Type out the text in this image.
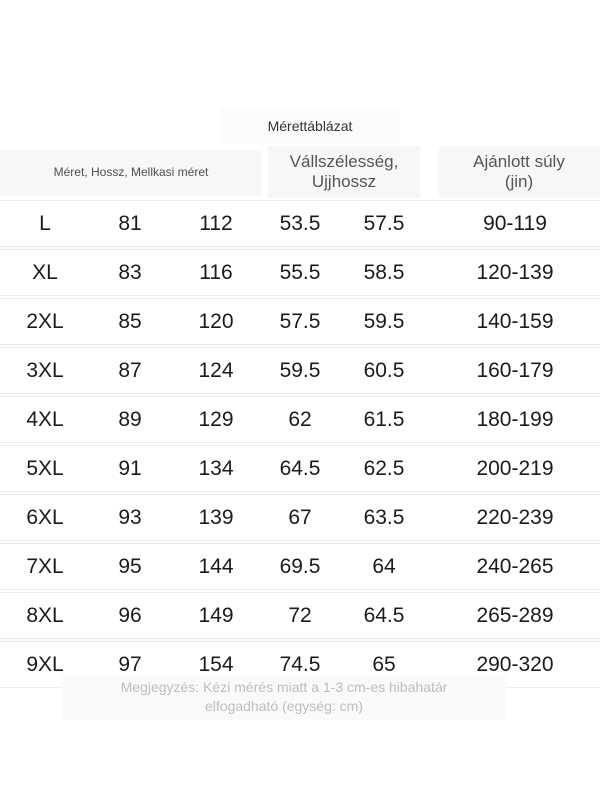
Mérettáblázat
Méret, Hossz, Mellkasi méret
Vállszélesség,
Ujjhossz
Ajánlott súly
(jin)
L	81	112	53.5	57.5	90-119
XL	83	116	55.5	58.5	120-139
2XL	85	120	57.5	59.5	140-159
3XL	87	124	59.5	60.5	160-179
4XL	89	129	62	61.5	180-199
5XL	91	134	64.5	62.5	200-219
6XL	93	139	67	63.5	220-239
7XL	95	144	69.5	64	240-265
8XL	96	149	72	64.5	265-289
9XL	97	154	74.5	65	290-320
Megjegyzés: Kézi mérés miatt a 1-3 cm-es hibahatár
elfogadható (egység: cm)
